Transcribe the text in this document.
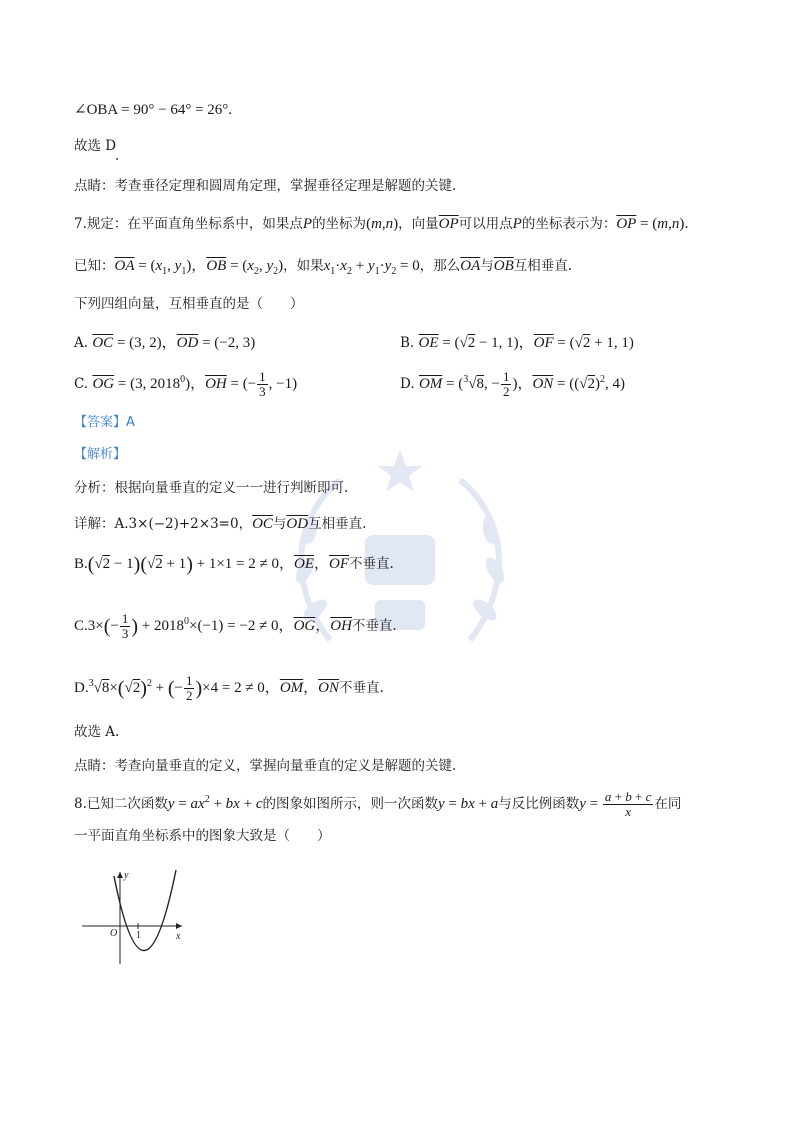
∠OBA = 90° − 64° = 26°.
故选 D
点睛：考查垂径定理和圆周角定理，掌握垂径定理是解题的关键.
7.规定：在平面直角坐标系中，如果点P的坐标为(m,n)，向量$\overline{OP}$可以用点P的坐标表示为：$\overline{OP} = (m,n)$.
已知：$\overline{OA} = (x_1$, $y_1$)，$\overline{OB} = (x_2$, $y_2$)，如果$x_1\cdot x_2 + y_1\cdot y_2 = 0$，那么$\overline{OA}$与$\overline{OB}$互相垂直.
下列四组向量，互相垂直的是（　　）
A. $\overline{OC} = (3$, 2)，$\overline{OD} = (-2$, 3)	B. $\overline{OE} = (√2 - 1$, 1)，$\overline{OF} = (√2 + 1$, 1)
C. $\overline{OG} = (3$, 2018$^0$)，$\overline{OH}$ = (− $\frac{1}{3}$ , −1)	D. $\overline{OM} = (^3√8$, − $\frac{1}{2}$ )，$\overline{ON} = ((√2)^2$, 4)
【答案】A
【解析】
分析：根据向量垂直的定义一一进行判断即可.
详解：A.3×(−2)+2×3=0，$\overline{OC}$与$\overline{OD}$互相垂直.
B.(√2 − 1)(√2 + 1) + 1×1 = 2 ≠ 0，$\overline{OE}$，$\overline{OF}$不垂直.
$C.3\times(- \frac{1}{3}$ ) + $2018^0\times(-1) = -2 \ne 0$，$\overline{OG}$，$\overline{OH}$不垂直.
$D.^3√8\times(√2)^2$ + (− $\frac{1}{2} )\times 4 = 2 \ne 0$，$\overline{OM}$，$\overline{ON}$不垂直.
故选 A.
点睛：考查向量垂直的定义，掌握向量垂直的定义是解题的关键.
8.已知二次函数$y = ax^2$ + bx + c的图象如图所示，则一次函数y = bx + a与反比例函数$y = \frac{a + b + c}{x}$ 在同
一平面直角坐标系中的图象大致是（　　）
y
x
O 1
